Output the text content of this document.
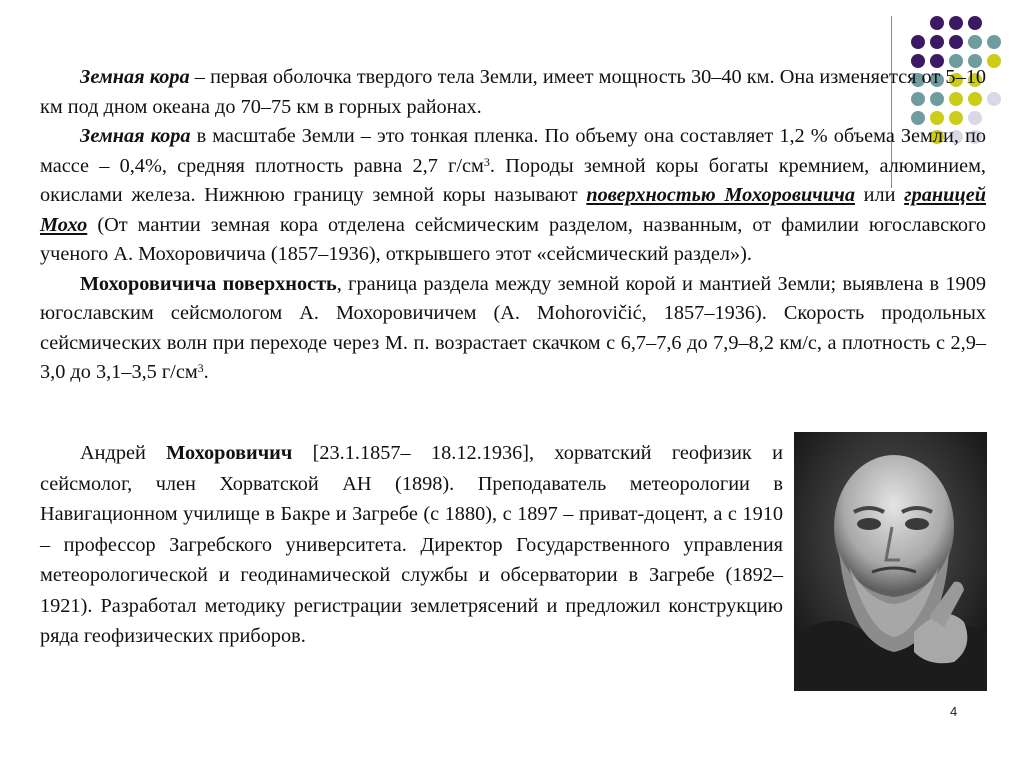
Земная кора – первая оболочка твердого тела Земли, имеет мощность 30–40 км. Она изменяется от 5–10 км под дном океана до 70–75 км в горных районах.

Земная кора в масштабе Земли – это тонкая пленка. По объему она составляет 1,2 % объема Земли, по массе – 0,4%, средняя плотность равна 2,7 $г/см^3$. Породы земной коры богаты кремнием, алюминием, окислами железа. Нижнюю границу земной коры называют поверхностью Мохоровичича или границей Мохо (От мантии земная кора отделена сейсмическим разделом, названным, от фамилии югославского ученого А. Мохоровичича (1857–1936), открывшего этот «сейсмический раздел»).

Мохоровичича поверхность, граница раздела между земной корой и мантией Земли; выявлена в 1909 югославским сейсмологом А. Мохоровичичем (A. Mohorovičić, 1857–1936). Скорость продольных сейсмических волн при переходе через М. п. возрастает скачком с 6,7–7,6 до 7,9–8,2 км/с, а плотность с 2,9–3,0 до 3,1–3,5 $г/см^3$.

Андрей Мохоровичич [23.1.1857– 18.12.1936], хорватский геофизик и сейсмолог, член Хорватской АН (1898). Преподаватель метеорологии в Навигационном училище в Бакре и Загребе (с 1880), с 1897 – приват-доцент, а с 1910 – профессор Загребского университета. Директор Государственного управления метеорологической и геодинамической службы и обсерватории в Загребе (1892–1921). Разработал методику регистрации землетрясений и предложил конструкцию ряда геофизических приборов.

4
